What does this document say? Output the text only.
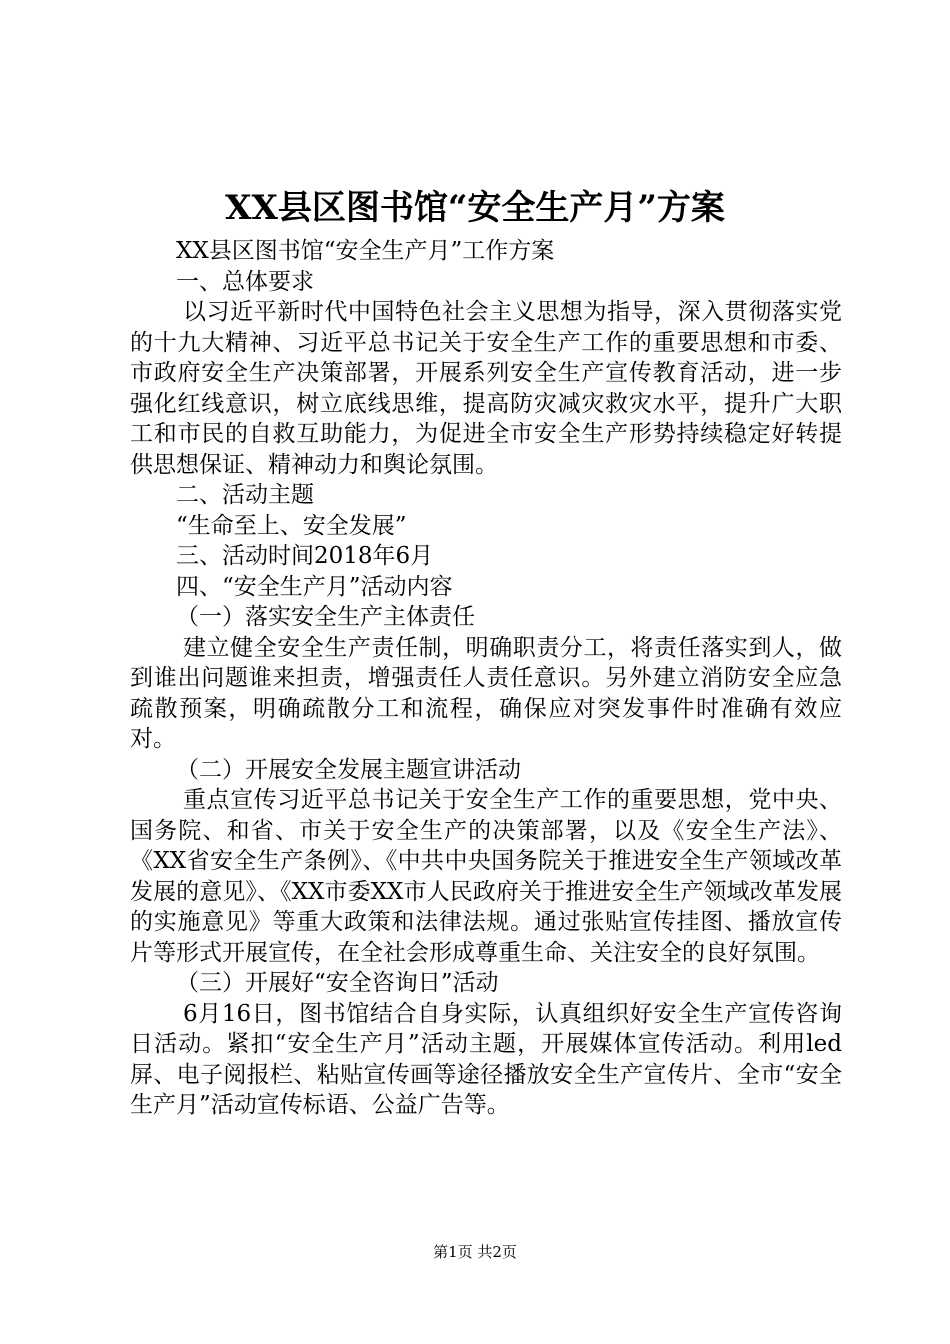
XX县区图书馆“安全生产月”方案

XX县区图书馆“安全生产月”工作方案

一、总体要求

以习近平新时代中国特色社会主义思想为指导，深入贯彻落实党的十九大精神、习近平总书记关于安全生产工作的重要思想和市委、市政府安全生产决策部署，开展系列安全生产宣传教育活动，进一步强化红线意识，树立底线思维，提高防灾减灾救灾水平，提升广大职工和市民的自救互助能力，为促进全市安全生产形势持续稳定好转提供思想保证、精神动力和舆论氛围。

二、活动主题

“生命至上、安全发展”

三、活动时间2018年6月

四、“安全生产月”活动内容

（一）落实安全生产主体责任

建立健全安全生产责任制，明确职责分工，将责任落实到人，做到谁出问题谁来担责，增强责任人责任意识。另外建立消防安全应急疏散预案，明确疏散分工和流程，确保应对突发事件时准确有效应对。

（二）开展安全发展主题宣讲活动

重点宣传习近平总书记关于安全生产工作的重要思想，党中央、国务院、和省、市关于安全生产的决策部署，以及《安全生产法》、《XX省安全生产条例》、《中共中央国务院关于推进安全生产领域改革发展的意见》、《XX市委XX市人民政府关于推进安全生产领域改革发展的实施意见》等重大政策和法律法规。通过张贴宣传挂图、播放宣传片等形式开展宣传，在全社会形成尊重生命、关注安全的良好氛围。

（三）开展好“安全咨询日”活动

6月16日，图书馆结合自身实际，认真组织好安全生产宣传咨询日活动。紧扣“安全生产月”活动主题，开展媒体宣传活动。利用led屏、电子阅报栏、粘贴宣传画等途径播放安全生产宣传片、全市“安全生产月”活动宣传标语、公益广告等。

第1页 共2页
